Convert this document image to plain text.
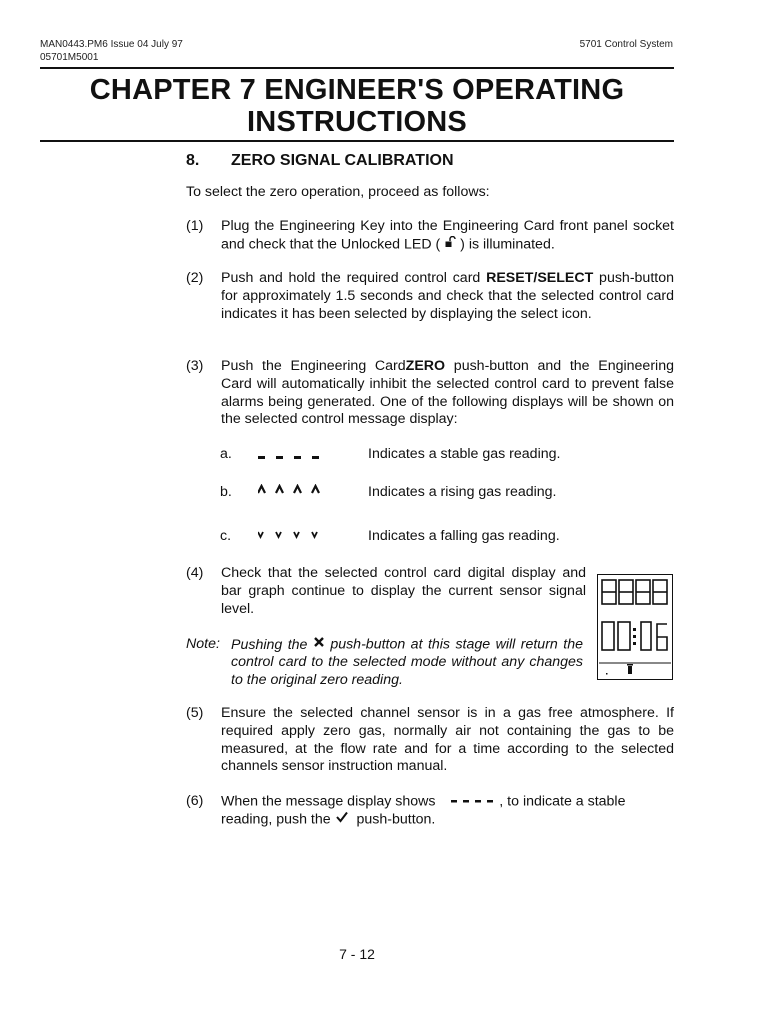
MAN0443.PM6 Issue 04 July 97
05701M5001
5701 Control System
CHAPTER 7 ENGINEER'S OPERATING
INSTRUCTIONS
8. ZERO SIGNAL CALIBRATION
To select the zero operation, proceed as follows:
(1) Plug the Engineering Key into the Engineering Card front panel socket and check that the Unlocked LED ( ) is illuminated.
(2) Push and hold the required control card RESET/SELECT push-button for approximately 1.5 seconds and check that the selected control card indicates it has been selected by displaying the select icon.
(3) Push the Engineering CardZERO push-button and the Engineering Card will automatically inhibit the selected control card to prevent false alarms being generated. One of the following displays will be shown on the selected control message display:
a.	Indicates a stable gas reading.
b.	Indicates a rising gas reading.
c.	Indicates a falling gas reading.
(4) Check that the selected control card digital display and bar graph continue to display the current sensor signal level.
Note: Pushing the push-button at this stage will return the control card to the selected mode without any changes to the original zero reading.
(5) Ensure the selected channel sensor is in a gas free atmosphere. If required apply zero gas, normally air not containing the gas to be measured, at the flow rate and for a time according to the selected channels sensor instruction manual.
(6) When the message display shows	, to indicate a stable reading, push the push-button.
7 - 12
